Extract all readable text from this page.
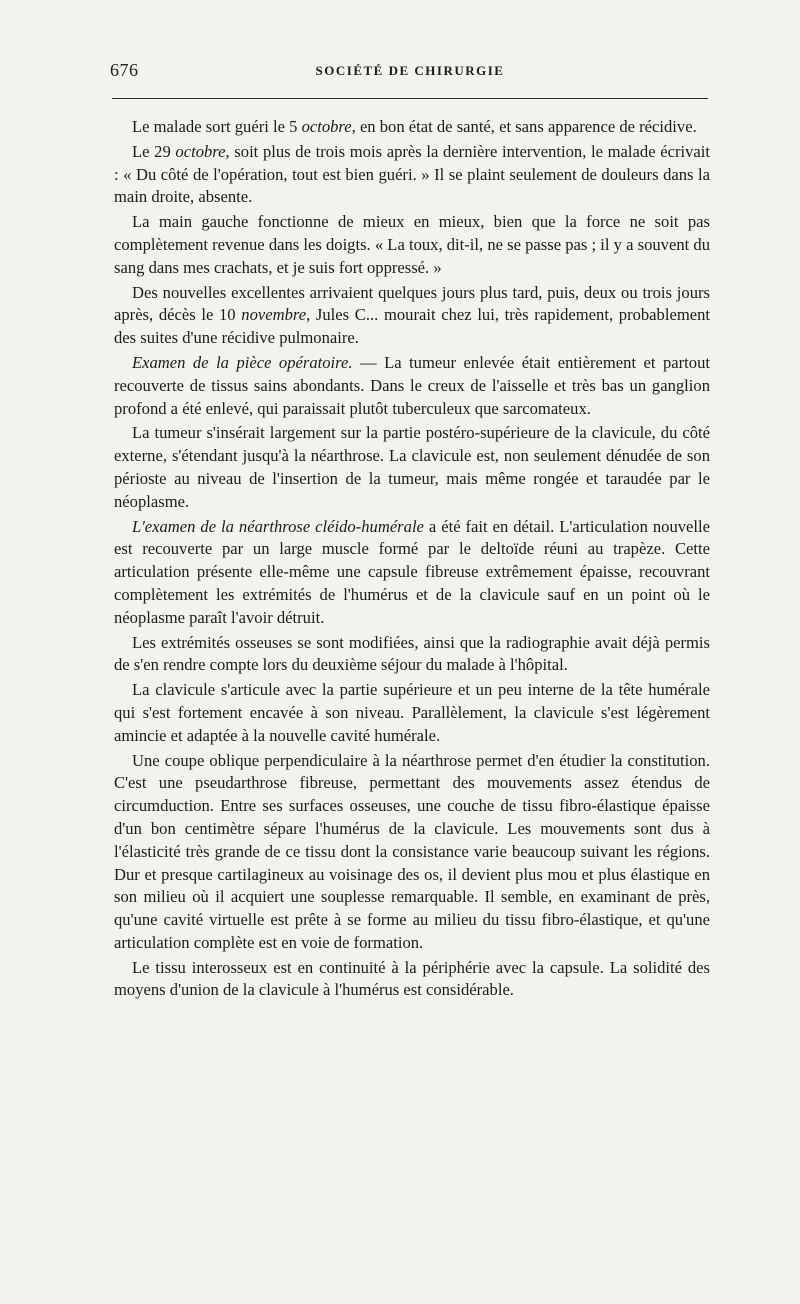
676	SOCIÉTÉ DE CHIRURGIE

Le malade sort guéri le 5 octobre, en bon état de santé, et sans apparence de récidive.

Le 29 octobre, soit plus de trois mois après la dernière intervention, le malade écrivait : « Du côté de l'opération, tout est bien guéri. » Il se plaint seulement de douleurs dans la main droite, absente.

La main gauche fonctionne de mieux en mieux, bien que la force ne soit pas complètement revenue dans les doigts. « La toux, dit-il, ne se passe pas ; il y a souvent du sang dans mes crachats, et je suis fort oppressé. »

Des nouvelles excellentes arrivaient quelques jours plus tard, puis, deux ou trois jours après, décès le 10 novembre, Jules C... mourait chez lui, très rapidement, probablement des suites d'une récidive pulmonaire.

Examen de la pièce opératoire. — La tumeur enlevée était entièrement et partout recouverte de tissus sains abondants. Dans le creux de l'aisselle et très bas un ganglion profond a été enlevé, qui paraissait plutôt tuberculeux que sarcomateux.

La tumeur s'insérait largement sur la partie postéro-supérieure de la clavicule, du côté externe, s'étendant jusqu'à la néarthrose. La clavicule est, non seulement dénudée de son périoste au niveau de l'insertion de la tumeur, mais même rongée et taraudée par le néoplasme.

L'examen de la néarthrose cléido-humérale a été fait en détail. L'articulation nouvelle est recouverte par un large muscle formé par le deltoïde réuni au trapèze. Cette articulation présente elle-même une capsule fibreuse extrêmement épaisse, recouvrant complètement les extrémités de l'humérus et de la clavicule sauf en un point où le néoplasme paraît l'avoir détruit.

Les extrémités osseuses se sont modifiées, ainsi que la radiographie avait déjà permis de s'en rendre compte lors du deuxième séjour du malade à l'hôpital.

La clavicule s'articule avec la partie supérieure et un peu interne de la tête humérale qui s'est fortement encavée à son niveau. Parallèlement, la clavicule s'est légèrement amincie et adaptée à la nouvelle cavité humérale.

Une coupe oblique perpendiculaire à la néarthrose permet d'en étudier la constitution. C'est une pseudarthrose fibreuse, permettant des mouvements assez étendus de circumduction. Entre ses surfaces osseuses, une couche de tissu fibro-élastique épaisse d'un bon centimètre sépare l'humérus de la clavicule. Les mouvements sont dus à l'élasticité très grande de ce tissu dont la consistance varie beaucoup suivant les régions. Dur et presque cartilagineux au voisinage des os, il devient plus mou et plus élastique en son milieu où il acquiert une souplesse remarquable. Il semble, en examinant de près, qu'une cavité virtuelle est prête à se forme au milieu du tissu fibro-élastique, et qu'une articulation complète est en voie de formation.

Le tissu interosseux est en continuité à la périphérie avec la capsule. La solidité des moyens d'union de la clavicule à l'humérus est considérable.
